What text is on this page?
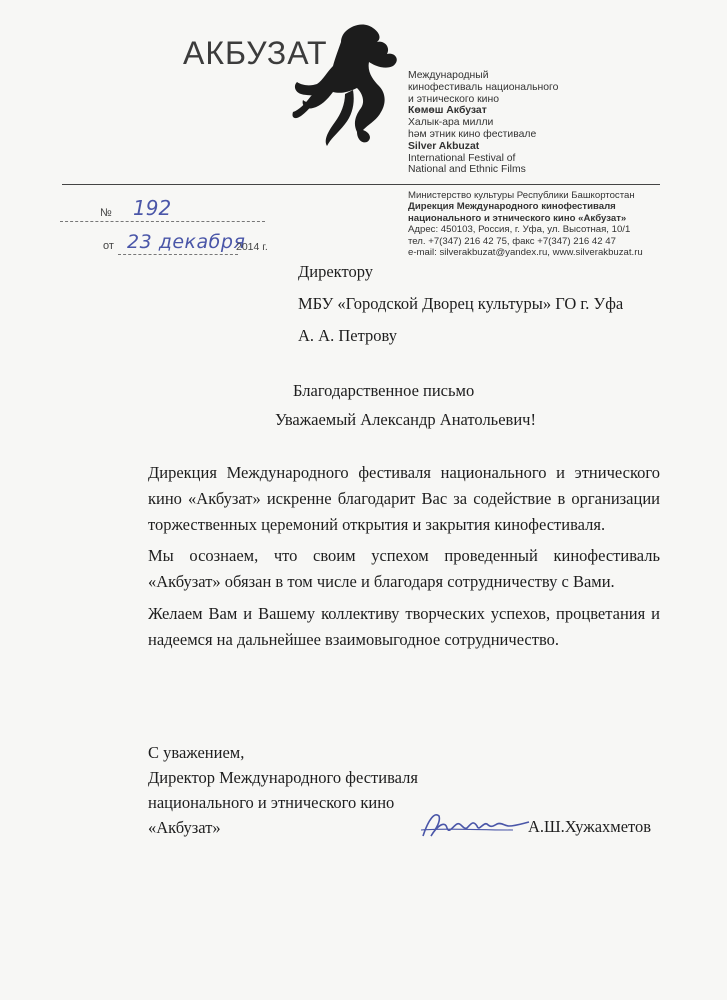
АКБУЗАТ
Международный
кинофестиваль национального
и этнического кино
Көмөш Акбузат
Халык-ара милли
һәм этник кино фестивале
Silver Akbuzat
International Festival of
National and Ethnic Films
Министерство культуры Республики Башкортостан
Дирекция Международного кинофестиваля
национального и этнического кино «Акбузат»
Адрес: 450103, Россия, г. Уфа, ул. Высотная, 10/1
тел. +7(347) 216 42 75, факс +7(347) 216 42 47
e-mail: silverakbuzat@yandex.ru, www.silverakbuzat.ru
№ 192
от 23 декабря
2014 г.
Директору
МБУ «Городской Дворец культуры» ГО г. Уфа
А. А. Петрову
Благодарственное письмо
Уважаемый Александр Анатольевич!
Дирекция Международного фестиваля национального и этнического
кино «Акбузат» искренне благодарит Вас за содействие в организации
торжественных церемоний открытия и закрытия кинофестиваля.
Мы осознаем, что своим успехом проведенный кинофестиваль
«Акбузат» обязан в том числе и благодаря сотрудничеству с Вами.
Желаем Вам и Вашему коллективу творческих успехов, процветания и
надеемся на дальнейшее взаимовыгодное сотрудничество.
С уважением,
Директор Международного фестиваля
национального и этнического кино
«Акбузат»	А.Ш.Хужахметов
